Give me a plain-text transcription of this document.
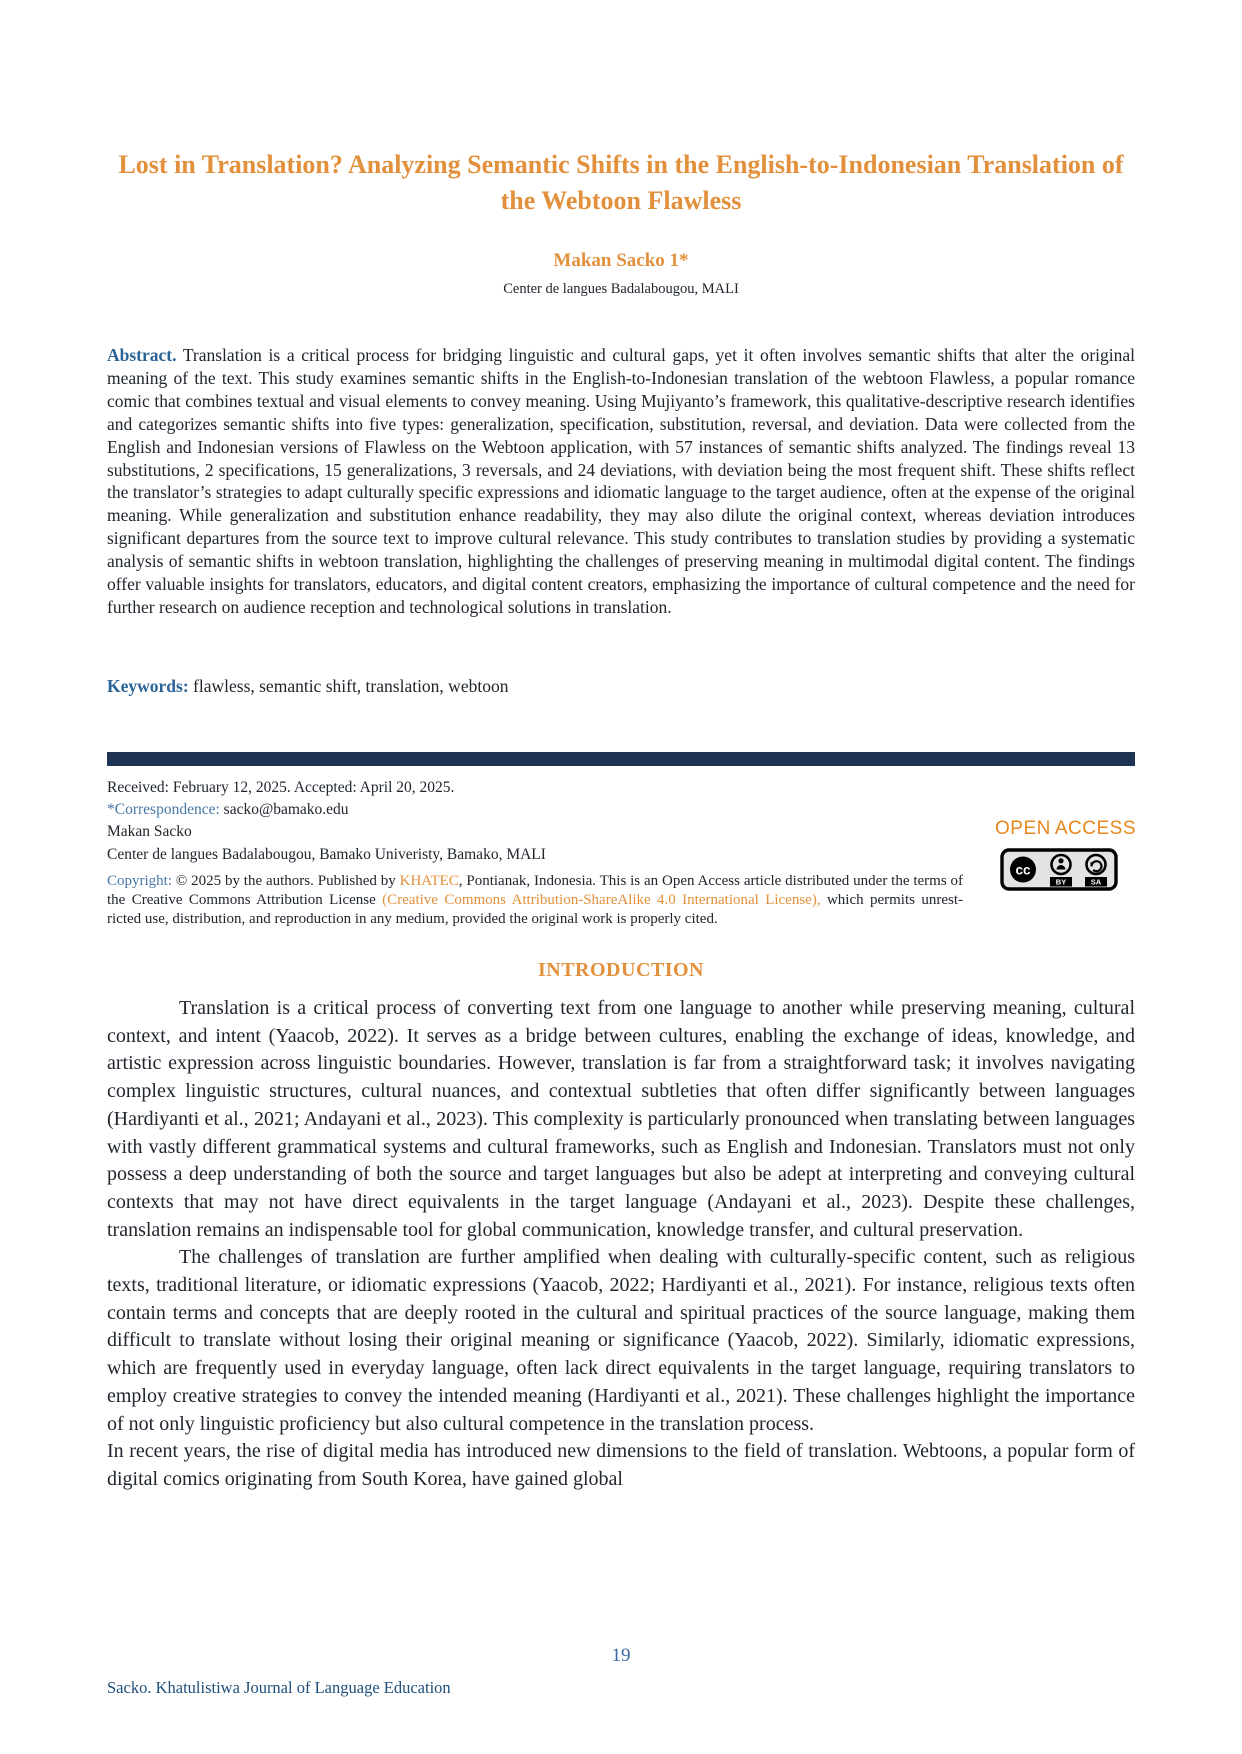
Lost in Translation? Analyzing Semantic Shifts in the English-to-Indonesian Translation of the Webtoon Flawless
Makan Sacko 1*
Center de langues Badalabougou, MALI
Abstract. Translation is a critical process for bridging linguistic and cultural gaps, yet it often involves semantic shifts that alter the original meaning of the text. This study examines semantic shifts in the English-to-Indonesian translation of the webtoon Flawless, a popular romance comic that combines textual and visual elements to convey meaning. Using Mujiyanto’s framework, this qualitative-descriptive research identifies and categorizes semantic shifts into five types: generalization, specification, substitution, reversal, and deviation. Data were collected from the English and Indonesian versions of Flawless on the Webtoon application, with 57 instances of semantic shifts analyzed. The findings reveal 13 substitutions, 2 specifications, 15 generalizations, 3 reversals, and 24 deviations, with deviation being the most frequent shift. These shifts reflect the translator’s strategies to adapt culturally specific expressions and idiomatic language to the target audience, often at the expense of the original meaning. While generalization and substitution enhance readability, they may also dilute the original context, whereas deviation introduces significant departures from the source text to improve cultural relevance. This study contributes to translation studies by providing a systematic analysis of semantic shifts in webtoon translation, highlighting the challenges of preserving meaning in multimodal digital content. The findings offer valuable insights for translators, educators, and digital content creators, emphasizing the importance of cultural competence and the need for further research on audience reception and technological solutions in translation.
Keywords: flawless, semantic shift, translation, webtoon
Received: February 12, 2025. Accepted: April 20, 2025.
*Correspondence: sacko@bamako.edu
Makan Sacko
Center de langues Badalabougou, Bamako Univeristy, Bamako, MALI
Copyright: © 2025 by the authors. Published by KHATEC, Pontianak, Indonesia. This is an Open Access article distributed under the terms of the Creative Commons Attribution License (Creative Commons Attribution-ShareAlike 4.0 International License), which permits unrest-ricted use, distribution, and reproduction in any medium, provided the original work is properly cited.
OPEN ACCESS
cc
BY	SA
INTRODUCTION

Translation is a critical process of converting text from one language to another while preserving meaning, cultural context, and intent (Yaacob, 2022). It serves as a bridge between cultures, enabling the exchange of ideas, knowledge, and artistic expression across linguistic boundaries. However, translation is far from a straightforward task; it involves navigating complex linguistic structures, cultural nuances, and contextual subtleties that often differ significantly between languages (Hardiyanti et al., 2021; Andayani et al., 2023). This complexity is particularly pronounced when translating between languages with vastly different grammatical systems and cultural frameworks, such as English and Indonesian. Translators must not only possess a deep understanding of both the source and target languages but also be adept at interpreting and conveying cultural contexts that may not have direct equivalents in the target language (Andayani et al., 2023). Despite these challenges, translation remains an indispensable tool for global communication, knowledge transfer, and cultural preservation.

The challenges of translation are further amplified when dealing with culturally-specific content, such as religious texts, traditional literature, or idiomatic expressions (Yaacob, 2022; Hardiyanti et al., 2021). For instance, religious texts often contain terms and concepts that are deeply rooted in the cultural and spiritual practices of the source language, making them difficult to translate without losing their original meaning or significance (Yaacob, 2022). Similarly, idiomatic expressions, which are frequently used in everyday language, often lack direct equivalents in the target language, requiring translators to employ creative strategies to convey the intended meaning (Hardiyanti et al., 2021). These challenges highlight the importance of not only linguistic proficiency but also cultural competence in the translation process.

In recent years, the rise of digital media has introduced new dimensions to the field of translation. Webtoons, a popular form of digital comics originating from South Korea, have gained global

19
Sacko. Khatulistiwa Journal of Language Education
